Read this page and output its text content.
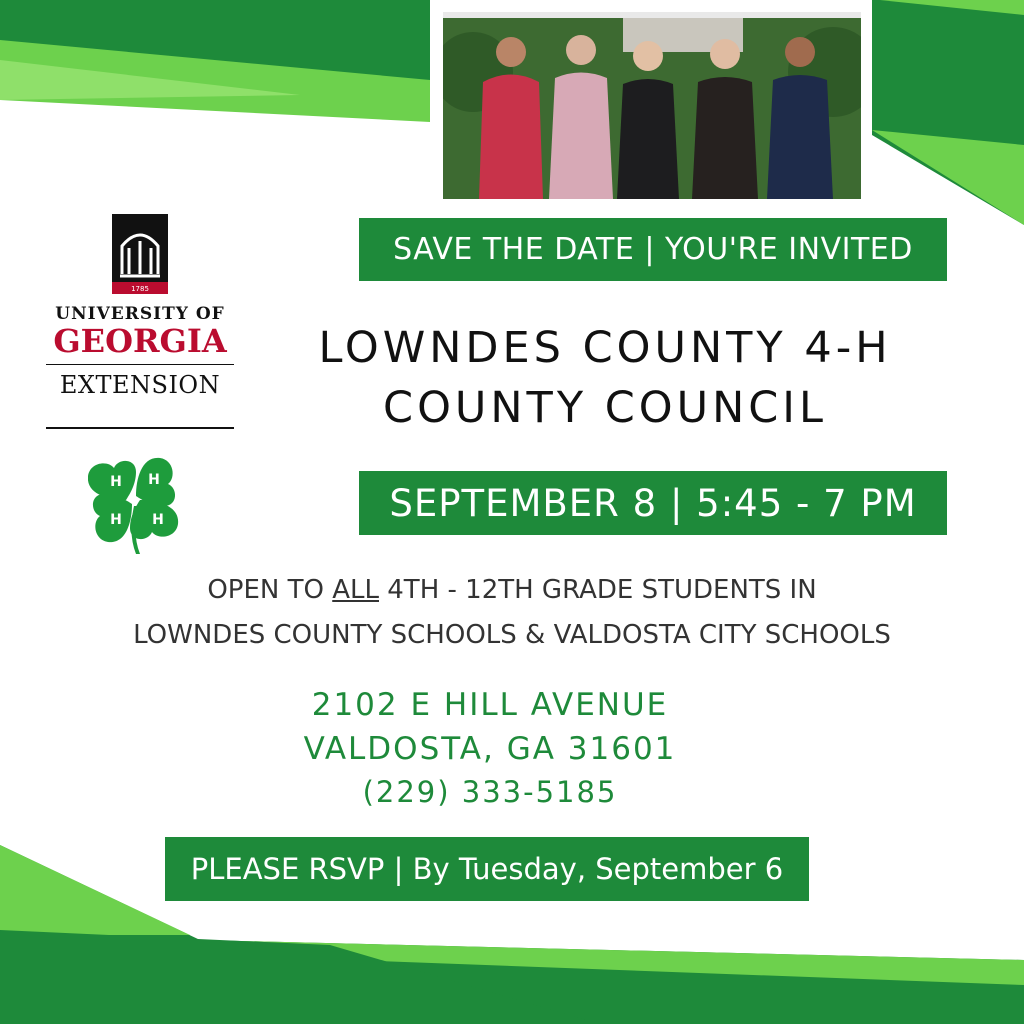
1785
UNIVERSITY OF
GEORGIA
EXTENSION
H H
H
H
SAVE THE DATE | YOU'RE INVITED
LOWNDES COUNTY 4-H
COUNTY COUNCIL
SEPTEMBER 8 | 5:45 - 7 PM
OPEN TO ALL 4TH - 12TH GRADE STUDENTS IN
LOWNDES COUNTY SCHOOLS & VALDOSTA CITY SCHOOLS
2102 E HILL AVENUE
VALDOSTA, GA 31601
(229) 333-5185
PLEASE RSVP | By Tuesday, September 6
